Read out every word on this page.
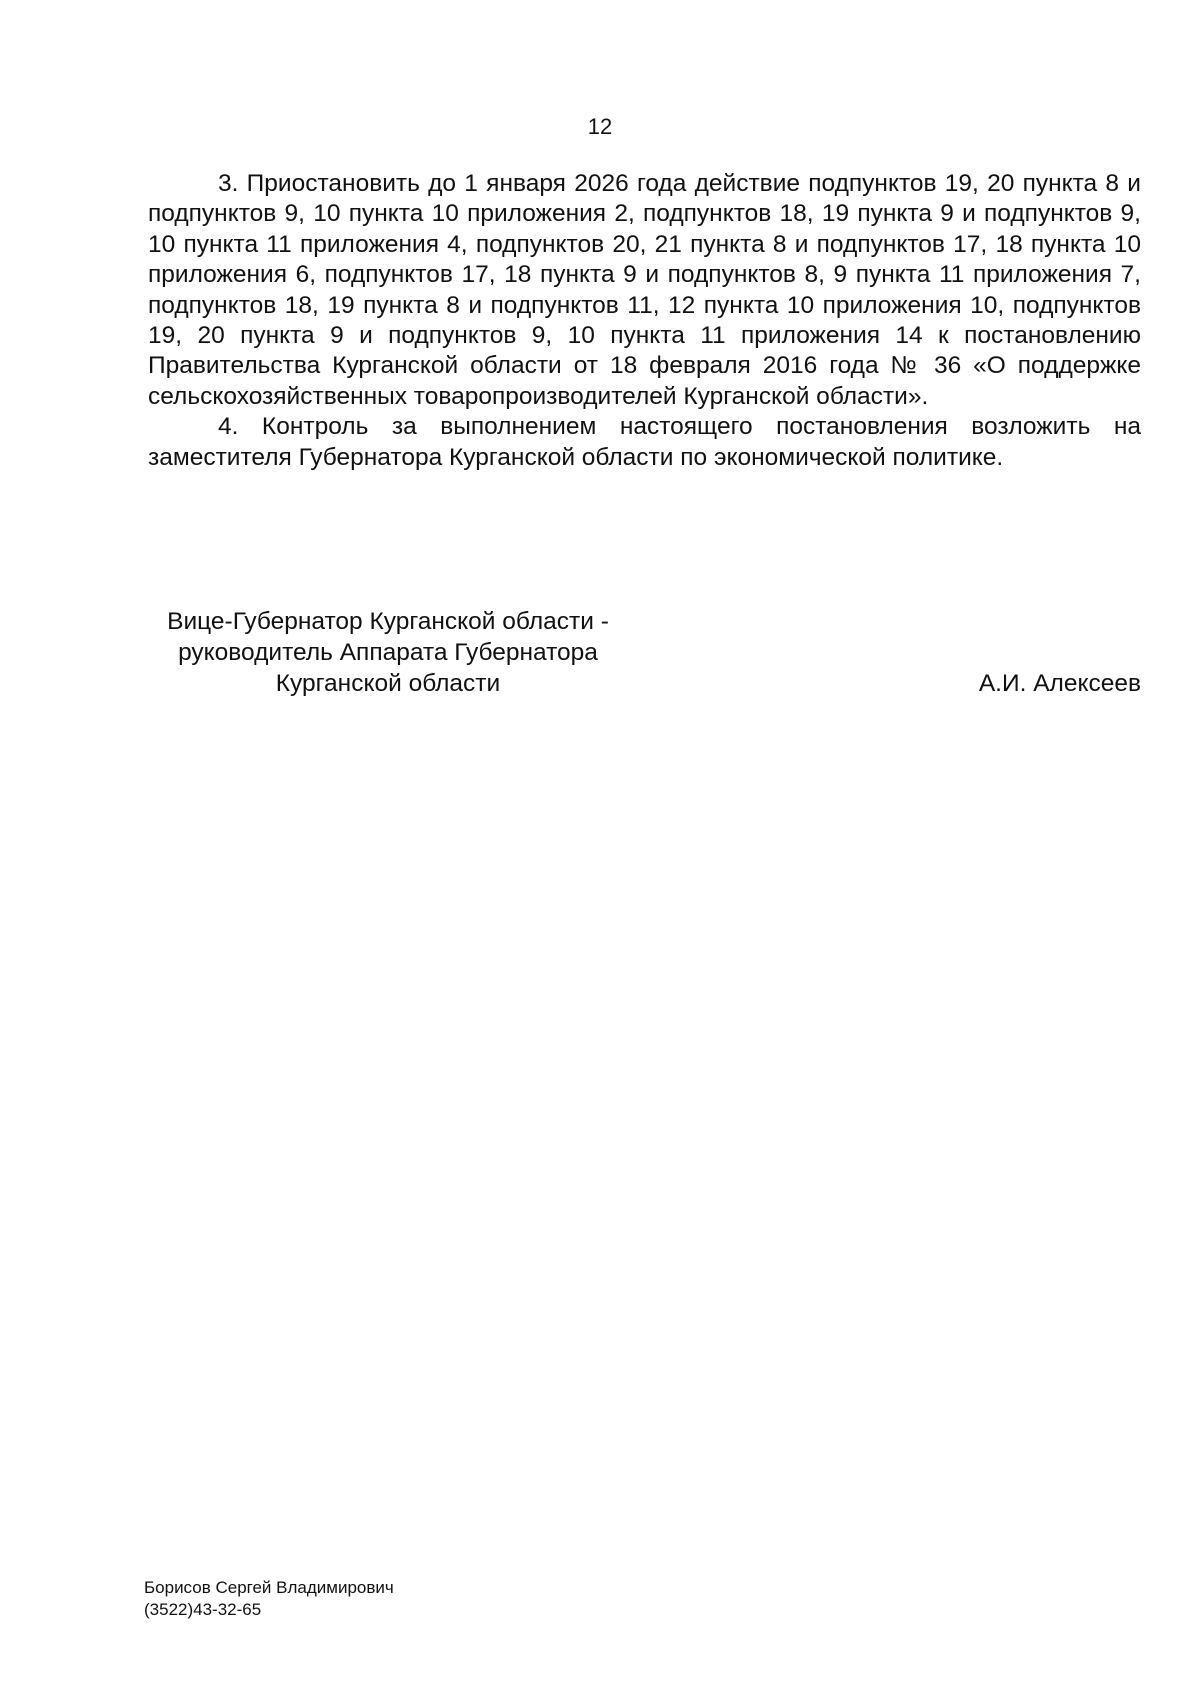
12

3. Приостановить до 1 января 2026 года действие подпунктов 19, 20 пункта 8 и подпунктов 9, 10 пункта 10 приложения 2, подпунктов 18, 19 пункта 9 и подпунктов 9, 10 пункта 11 приложения 4, подпунктов 20, 21 пункта 8 и подпунктов 17, 18 пункта 10 приложения 6, подпунктов 17, 18 пункта 9 и подпунктов 8, 9 пункта 11 приложения 7, подпунктов 18, 19 пункта 8 и подпунктов 11, 12 пункта 10 приложения 10, подпунктов 19, 20 пункта 9 и подпунктов 9, 10 пункта 11 приложения 14 к постановлению Правительства Курганской области от 18 февраля 2016 года № 36 «О поддержке сельскохозяйственных товаропроизводителей Курганской области».

4. Контроль за выполнением настоящего постановления возложить на заместителя Губернатора Курганской области по экономической политике.

Вице-Губернатор Курганской области -
руководитель Аппарата Губернатора
Курганской области	А.И. Алексеев
Борисов Сергей Владимирович
(3522)43-32-65
